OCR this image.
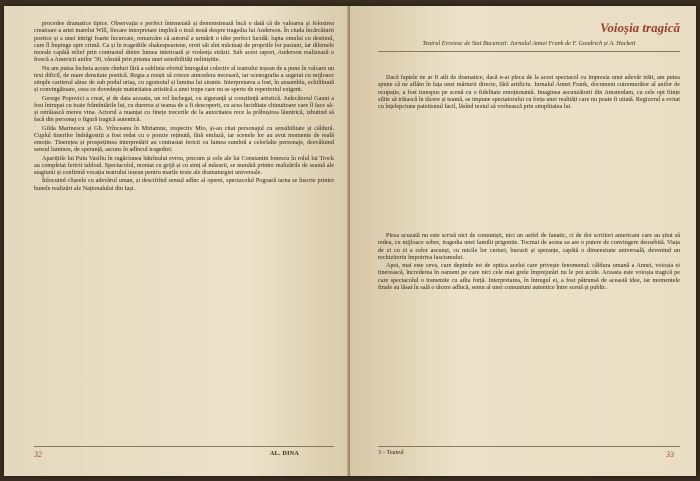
procedee dramatice tipice. Observația e perfect întemeiată și demonstrează încă o dată că de valoarea și folosirea creatoare a artei marelui Will, fiecare interpretare implică o teză nouă despre tragedia lui Anderson. În ciuda încărcăturii poetice și a unei intrigi foarte încurcate, remarcăm că autorul a urmărit o idee perfect lucidă: lupta omului cu destinul, care îl împinge spre crimă. Ca și în tragediile shakespeariene, eroii săi sînt măcinați de propriile lor pasiuni, iar dilemele morale capătă relief prin contrastul dintre lumea interioară și violența străzii. Sub acest raport, Anderson realizează o frescă a Americii anilor '30, văzută prin prisma unei sensibilități neliniștite.

Nu am putea încheia aceste rînduri fără a sublinia efortul întregului colectiv al teatrului ieșean de a pune în valoare un text dificil, de mare densitate poetică. Regia a reușit să creeze atmosfera necesară, iar scenografia a sugerat cu mijloace simple cartierul sărac de sub podul uriaș, cu zgomotul și lumina lui stranie. Interpretarea a fost, în ansamblu, echilibrată și convingătoare, ceea ce dovedește maturitatea artistică a unei trupe care nu se sperie de repertoriul exigent.

George Popovici a creat, și de data aceasta, un rol închegat, cu siguranță și conștiință artistică. Judecătorul Gaunt a fost întrupat cu toate frămîntările lui, cu durerea și teama de a fi descoperit, cu acea luciditate chinuitoare care îl face să-și retrăiască mereu vina. Actorul a nuanțat cu finețe trecerile de la autoritatea rece la prăbușirea lăuntrică, izbutind să facă din personaj o figură tragică autentică.

Gilda Marinescu și Gh. Vrînceanu în Miriamne, respectiv Mio, și-au citat personajul cu sensibilitate și căldură. Cuplul tinerilor îndrăgostiți a fost redat cu o poezie reținută, fără emfază, iar scenele lor au avut momente de reală emoție. Tinerețea și prospețimea interpretării au contrastat fericit cu lumea sumbră a celorlalte personaje, dezvăluind sensul luminos, de speranță, ascuns în adîncul tragediei.

Aparițiile lui Puiu Vasiliu în rugăciunea bătrînului evreu, precum și cele ale lui Constantin Ionescu în rolul lui Trock au completat fericit tabloul. Spectacolul, montat cu grijă și cu simț al măsurii, se numără printre realizările de seamă ale stagiunii și confirmă vocația teatrului ieșean pentru marile texte ale dramaturgiei universale.

Înlocuind clișeele cu adevărul uman, și descifrînd sensul adînc al operei, spectacolul Pogoară iarna se înscrie printre bunele realizări ale Naționalului din Iași.

32	AL. DINA
Voioșia tragică
Teatrul Evreiesc de Stat București: Jurnalul Annei Frank de F. Goodrich și A. Hackett

Dacă faptele ne ar fi atît de dramatice, dacă n-ai pleca de la acest spectacol cu impresia unui adevăr trăit, am putea spune că ne aflăm în fața unei mărturii directe, fără artificiu. Jurnalul Annei Frank, document cutremurător al anilor de ocupație, a fost transpus pe scenă cu o fidelitate emoționantă. Imaginea ascunzătorii din Amsterdam, cu cele opt ființe silite să trăiască în tăcere și teamă, se impune spectatorului cu forța unei realități care nu poate fi uitată. Regizorul a evitat cu înțelepciune patetismul facil, lăsînd textul să vorbească prin simplitatea lui.

Piesa acuzată nu este scrisă nici de comuniști, nici un astfel de fanatic, ci de doi scriitori americani care au știut să redea, cu mijloace sobre, tragedia unei familii prigonite. Tocmai de aceea ea are o putere de convingere deosebită. Viața de zi cu zi a celor ascunși, cu micile lor certuri, bucurii și speranțe, capătă o dimensiune universală, devenind un rechizitoriu împotriva fascismului.

Apoi, mai este ceva, care depinde tot de optica acelui care privește fenomenul: căldura umană a Annei, voioșia ei tinerească, încrederea în oameni pe care nici cele mai grele împrejurări nu le pot ucide. Aceasta este voioșia tragică pe care spectacolul o transmite cu atîta forță. Interpretarea, în întregul ei, a fost pătrunsă de această idee, iar momentele finale au lăsat în sală o tăcere adîncă, semn al unei comuniuni autentice între scenă și public.

3 – Teatrul	33
